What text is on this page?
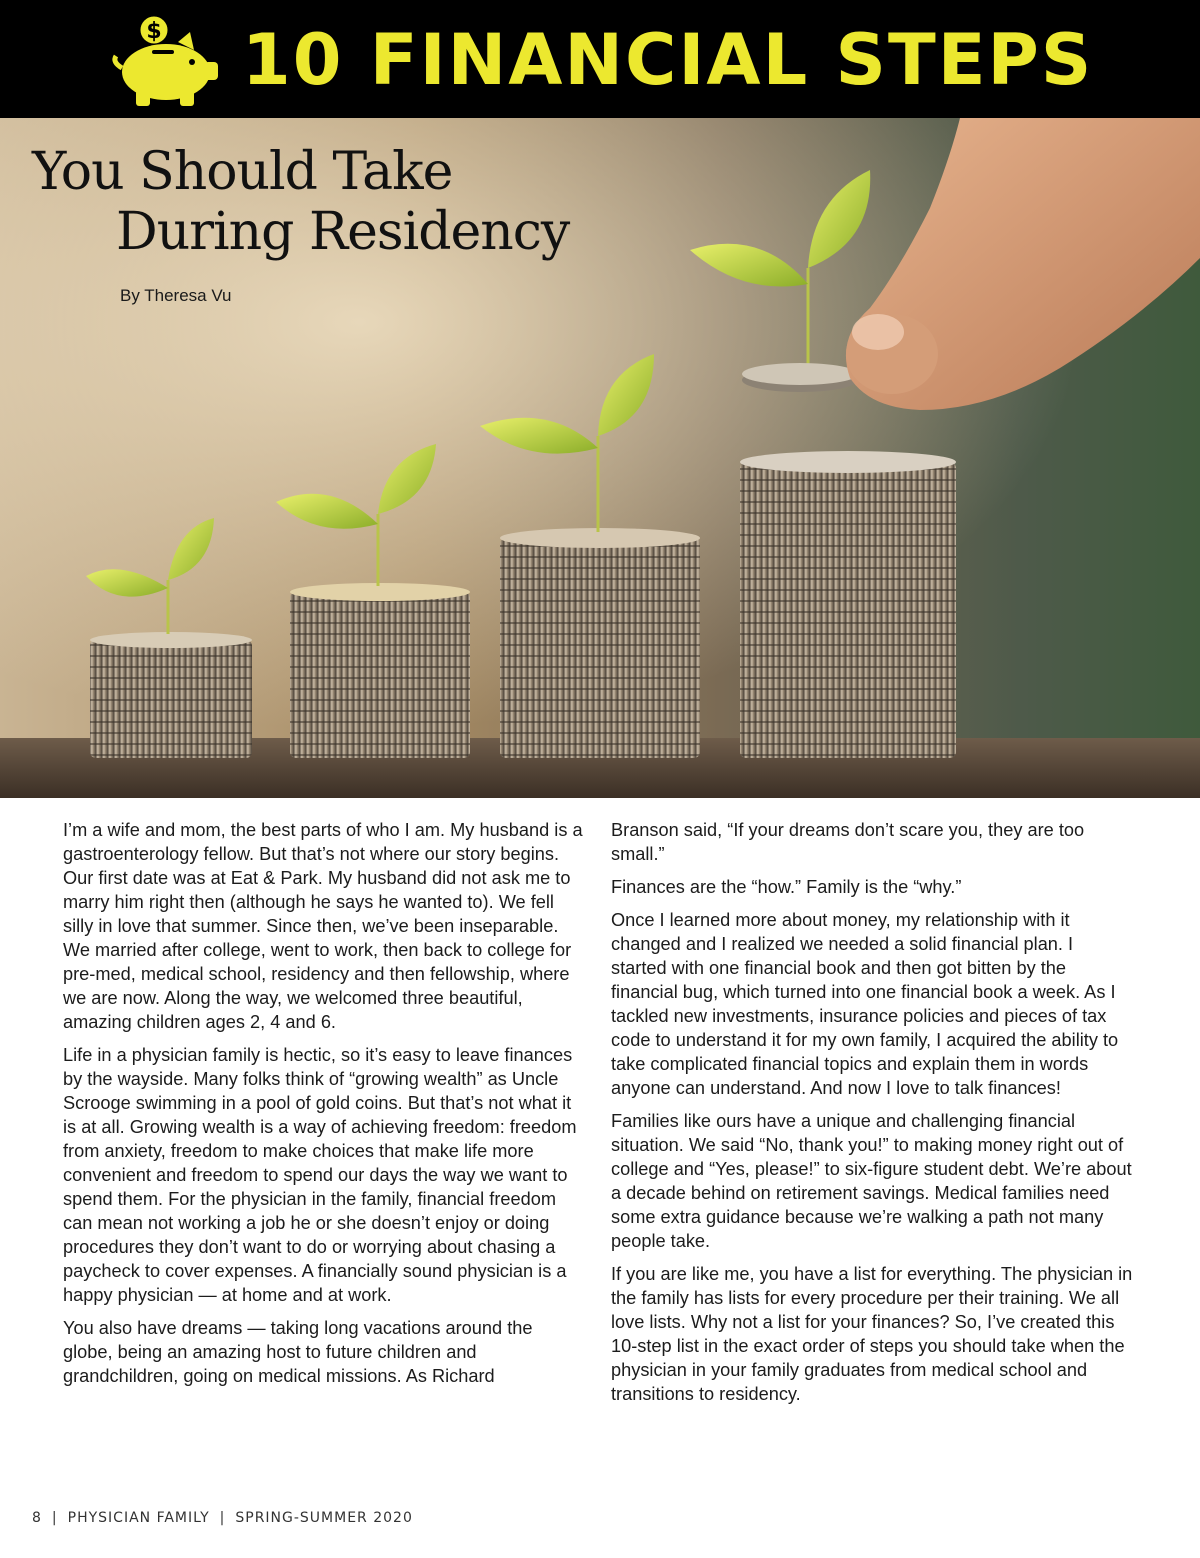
$ 10 FINANCIAL STEPS
You Should Take
During Residency
By Theresa Vu

I’m a wife and mom, the best parts of who I am. My husband is a gastroenterology fellow. But that’s not where our story begins. Our first date was at Eat & Park. My husband did not ask me to marry him right then (although he says he wanted to). We fell silly in love that summer. Since then, we’ve been inseparable. We married after college, went to work, then back to college for pre-med, medical school, residency and then fellowship, where we are now. Along the way, we welcomed three beautiful, amazing children ages 2, 4 and 6.

Life in a physician family is hectic, so it’s easy to leave finances by the wayside. Many folks think of “growing wealth” as Uncle Scrooge swimming in a pool of gold coins. But that’s not what it is at all. Growing wealth is a way of achieving freedom: freedom from anxiety, freedom to make choices that make life more convenient and freedom to spend our days the way we want to spend them. For the physician in the family, financial freedom can mean not working a job he or she doesn’t enjoy or doing procedures they don’t want to do or worrying about chasing a paycheck to cover expenses. A financially sound physician is a happy physician — at home and at work.

You also have dreams — taking long vacations around the globe, being an amazing host to future children and grandchildren, going on medical missions. As Richard

Branson said, “If your dreams don’t scare you, they are too small.”

Finances are the “how.” Family is the “why.”

Once I learned more about money, my relationship with it changed and I realized we needed a solid financial plan. I started with one financial book and then got bitten by the financial bug, which turned into one financial book a week. As I tackled new investments, insurance policies and pieces of tax code to understand it for my own family, I acquired the ability to take complicated financial topics and explain them in words anyone can understand. And now I love to talk finances!

Families like ours have a unique and challenging financial situation. We said “No, thank you!” to making money right out of college and “Yes, please!” to six-figure student debt. We’re about a decade behind on retirement savings. Medical families need some extra guidance because we’re walking a path not many people take.

If you are like me, you have a list for everything. The physician in the family has lists for every procedure per their training. We all love lists. Why not a list for your finances? So, I’ve created this 10-step list in the exact order of steps you should take when the physician in your family graduates from medical school and transitions to residency.

8 | PHYSICIAN FAMILY | SPRING-SUMMER 2020
